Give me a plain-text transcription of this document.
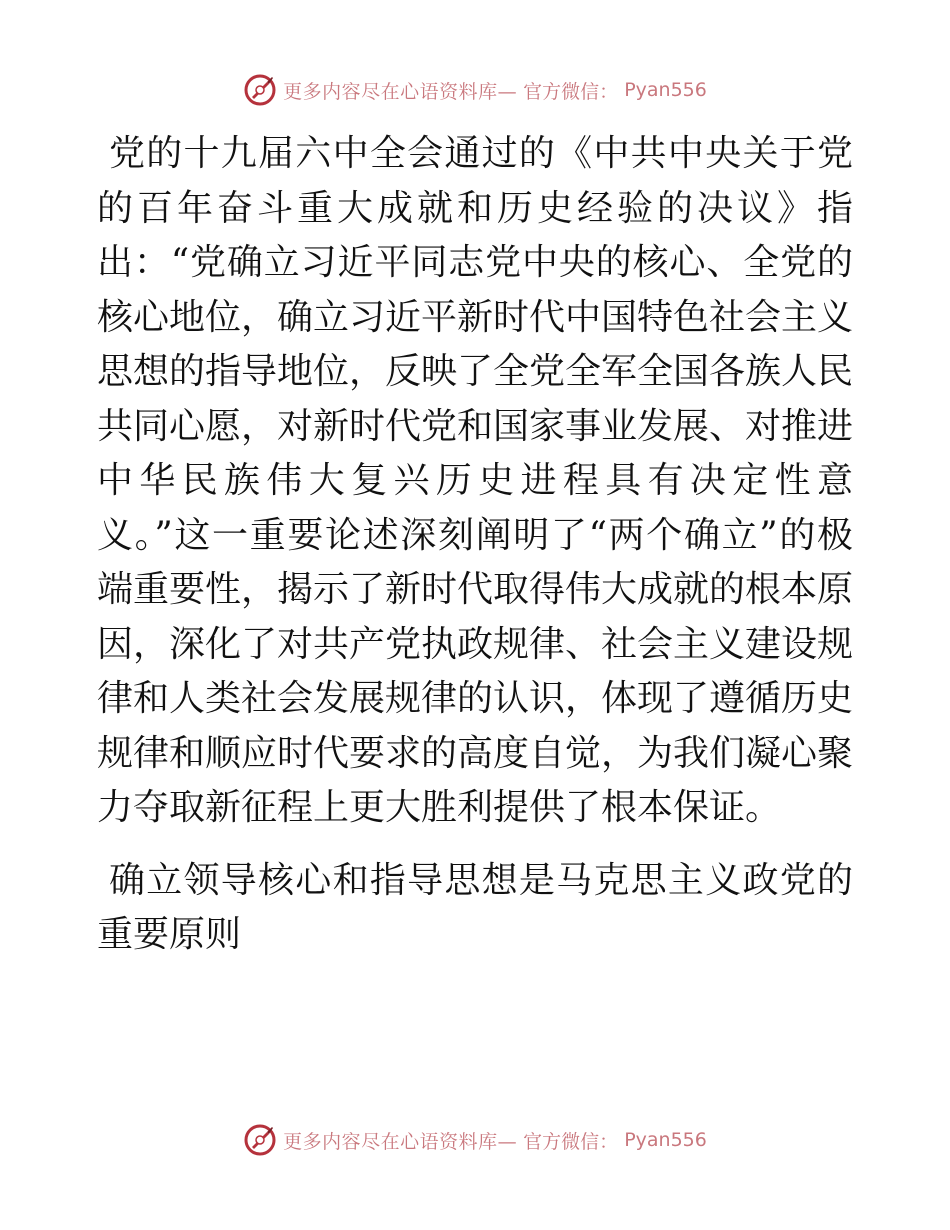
更多内容尽在心语资料库— 官方微信： Pyan556

党的十九届六中全会通过的《中共中央关于党的百年奋斗重大成就和历史经验的决议》指出：“党确立习近平同志党中央的核心、全党的核心地位，确立习近平新时代中国特色社会主义思想的指导地位，反映了全党全军全国各族人民共同心愿，对新时代党和国家事业发展、对推进中华民族伟大复兴历史进程具有决定性意义。”这一重要论述深刻阐明了“两个确立”的极端重要性，揭示了新时代取得伟大成就的根本原因，深化了对共产党执政规律、社会主义建设规律和人类社会发展规律的认识，体现了遵循历史规律和顺应时代要求的高度自觉，为我们凝心聚力夺取新征程上更大胜利提供了根本保证。

确立领导核心和指导思想是马克思主义政党的重要原则

更多内容尽在心语资料库— 官方微信： Pyan556
